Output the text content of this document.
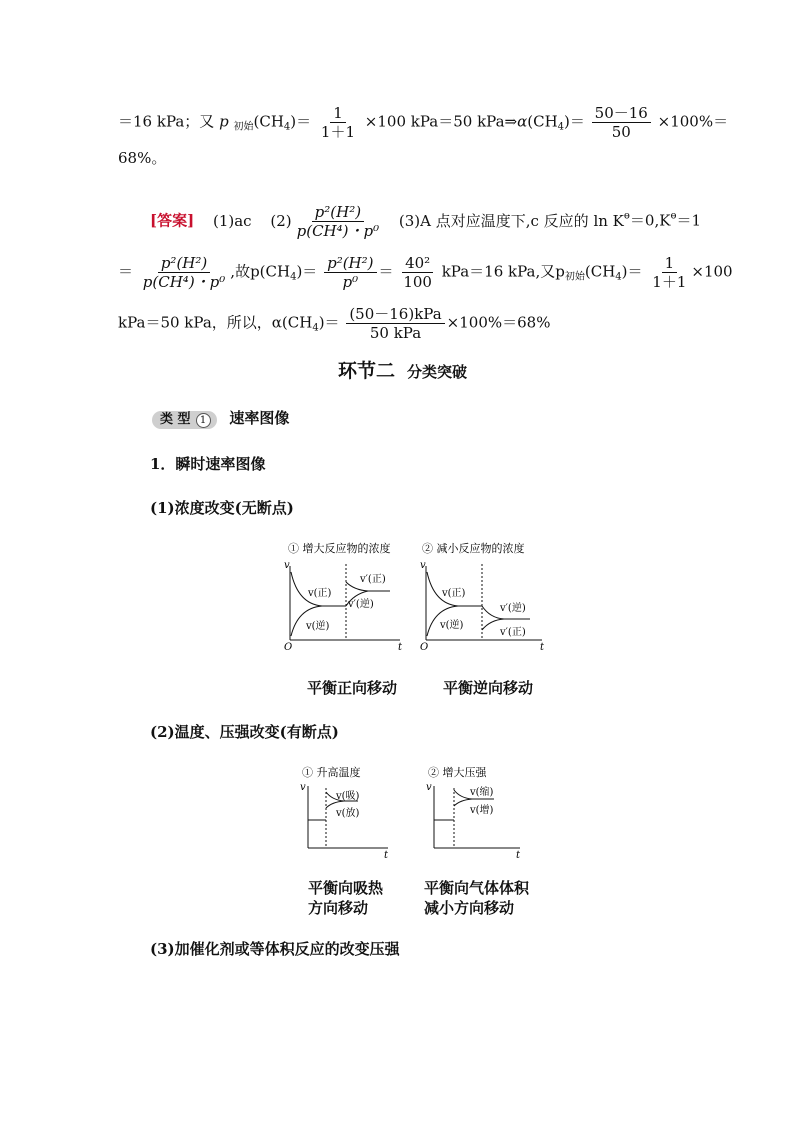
＝16 kPa；又 p $_{初始}(CH_4)= \frac{1}{1+1} \times 100$ kPa＝50 $kPa\Rightarrow\alpha(CH_4)= \frac{50-16}{50} \times 100\%=$
68%。
[答案] (1)ac $(2) \frac{\text{p²(H²)}}{\text{p(CH⁴)・p⁰}} (3)A$ 点对应温度下,c 反应的 $\ln K^ɵ=0,K^ɵ=1$
＝ $\frac{\text{p²(H²)}}{\text{p(CH⁴)・p⁰}}$ ,故$p(CH_4)= \frac{\text{p²(H²)}}{\text{p⁰}} = \frac{\text{40²}}{100} kPa=16$ kPa,又$p_{初始}(CH_4)= \frac{1}{1+1} \times 100$
kPa＝50 kPa，所以，$\alpha(CH_4)= \frac{\text{(50－16)kPa}}{\text{50 kPa}} \times 100\%=68\%$
环节二 分类突破
类 型 1 速率图像
1．瞬时速率图像
(1)浓度改变(无断点)
① 增大反应物的浓度
v
t
O
v(正)
v(逆)
v′(正)
v′(逆)
② 减小反应物的浓度
v
t
O
v(正)
v(逆)
v′(逆)
v′(正)
平衡正向移动	平衡逆向移动
(2)温度、压强改变(有断点)
① 升高温度
v
t
v(吸)
v(放)
② 增大压强
v
t
v(缩)
v(增)
平衡向吸热
方向移动
平衡向气体体积
减小方向移动
(3)加催化剂或等体积反应的改变压强
